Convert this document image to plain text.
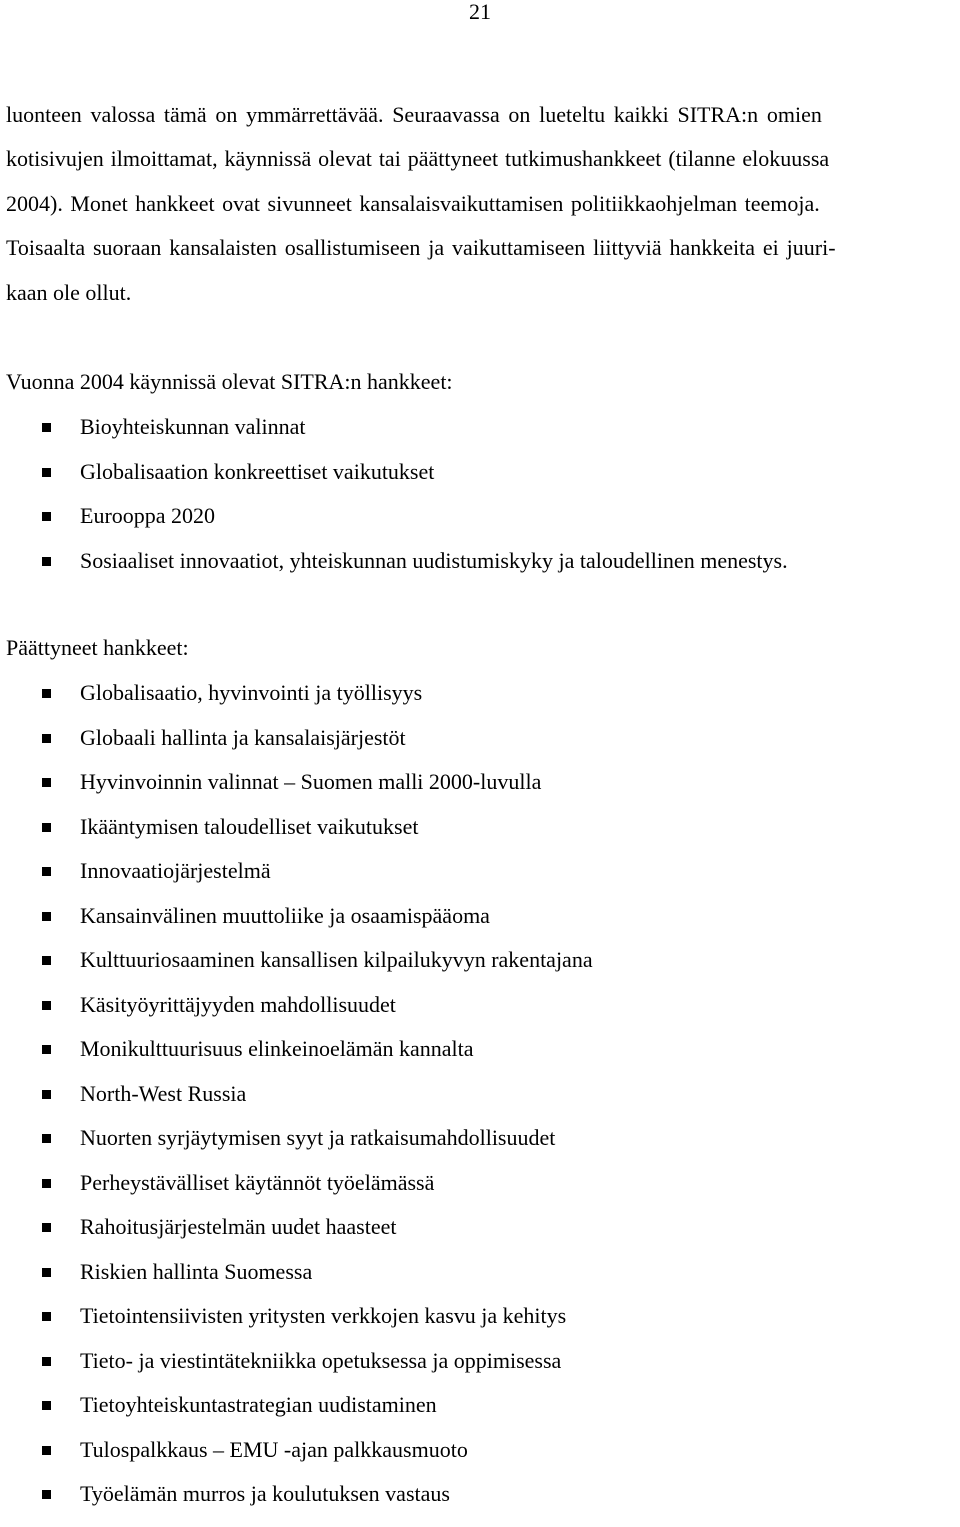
21
luonteen valossa tämä on ymmärrettävää. Seuraavassa on lueteltu kaikki SITRA:n omien
kotisivujen ilmoittamat, käynnissä olevat tai päättyneet tutkimushankkeet (tilanne elokuussa
2004). Monet hankkeet ovat sivunneet kansalaisvaikuttamisen politiikkaohjelman teemoja.
Toisaalta suoraan kansalaisten osallistumiseen ja vaikuttamiseen liittyviä hankkeita ei juuri-
kaan ole ollut.
Vuonna 2004 käynnissä olevat SITRA:n hankkeet:
Bioyhteiskunnan valinnat
Globalisaation konkreettiset vaikutukset
Eurooppa 2020
Sosiaaliset innovaatiot, yhteiskunnan uudistumiskyky ja taloudellinen menestys.
Päättyneet hankkeet:
Globalisaatio, hyvinvointi ja työllisyys
Globaali hallinta ja kansalaisjärjestöt
Hyvinvoinnin valinnat – Suomen malli 2000-luvulla
Ikääntymisen taloudelliset vaikutukset
Innovaatiojärjestelmä
Kansainvälinen muuttoliike ja osaamispääoma
Kulttuuriosaaminen kansallisen kilpailukyvyn rakentajana
Käsityöyrittäjyyden mahdollisuudet
Monikulttuurisuus elinkeinoelämän kannalta
North-West Russia
Nuorten syrjäytymisen syyt ja ratkaisumahdollisuudet
Perheystävälliset käytännöt työelämässä
Rahoitusjärjestelmän uudet haasteet
Riskien hallinta Suomessa
Tietointensiivisten yritysten verkkojen kasvu ja kehitys
Tieto- ja viestintätekniikka opetuksessa ja oppimisessa
Tietoyhteiskuntastrategian uudistaminen
Tulospalkkaus – EMU -ajan palkkausmuoto
Työelämän murros ja koulutuksen vastaus
